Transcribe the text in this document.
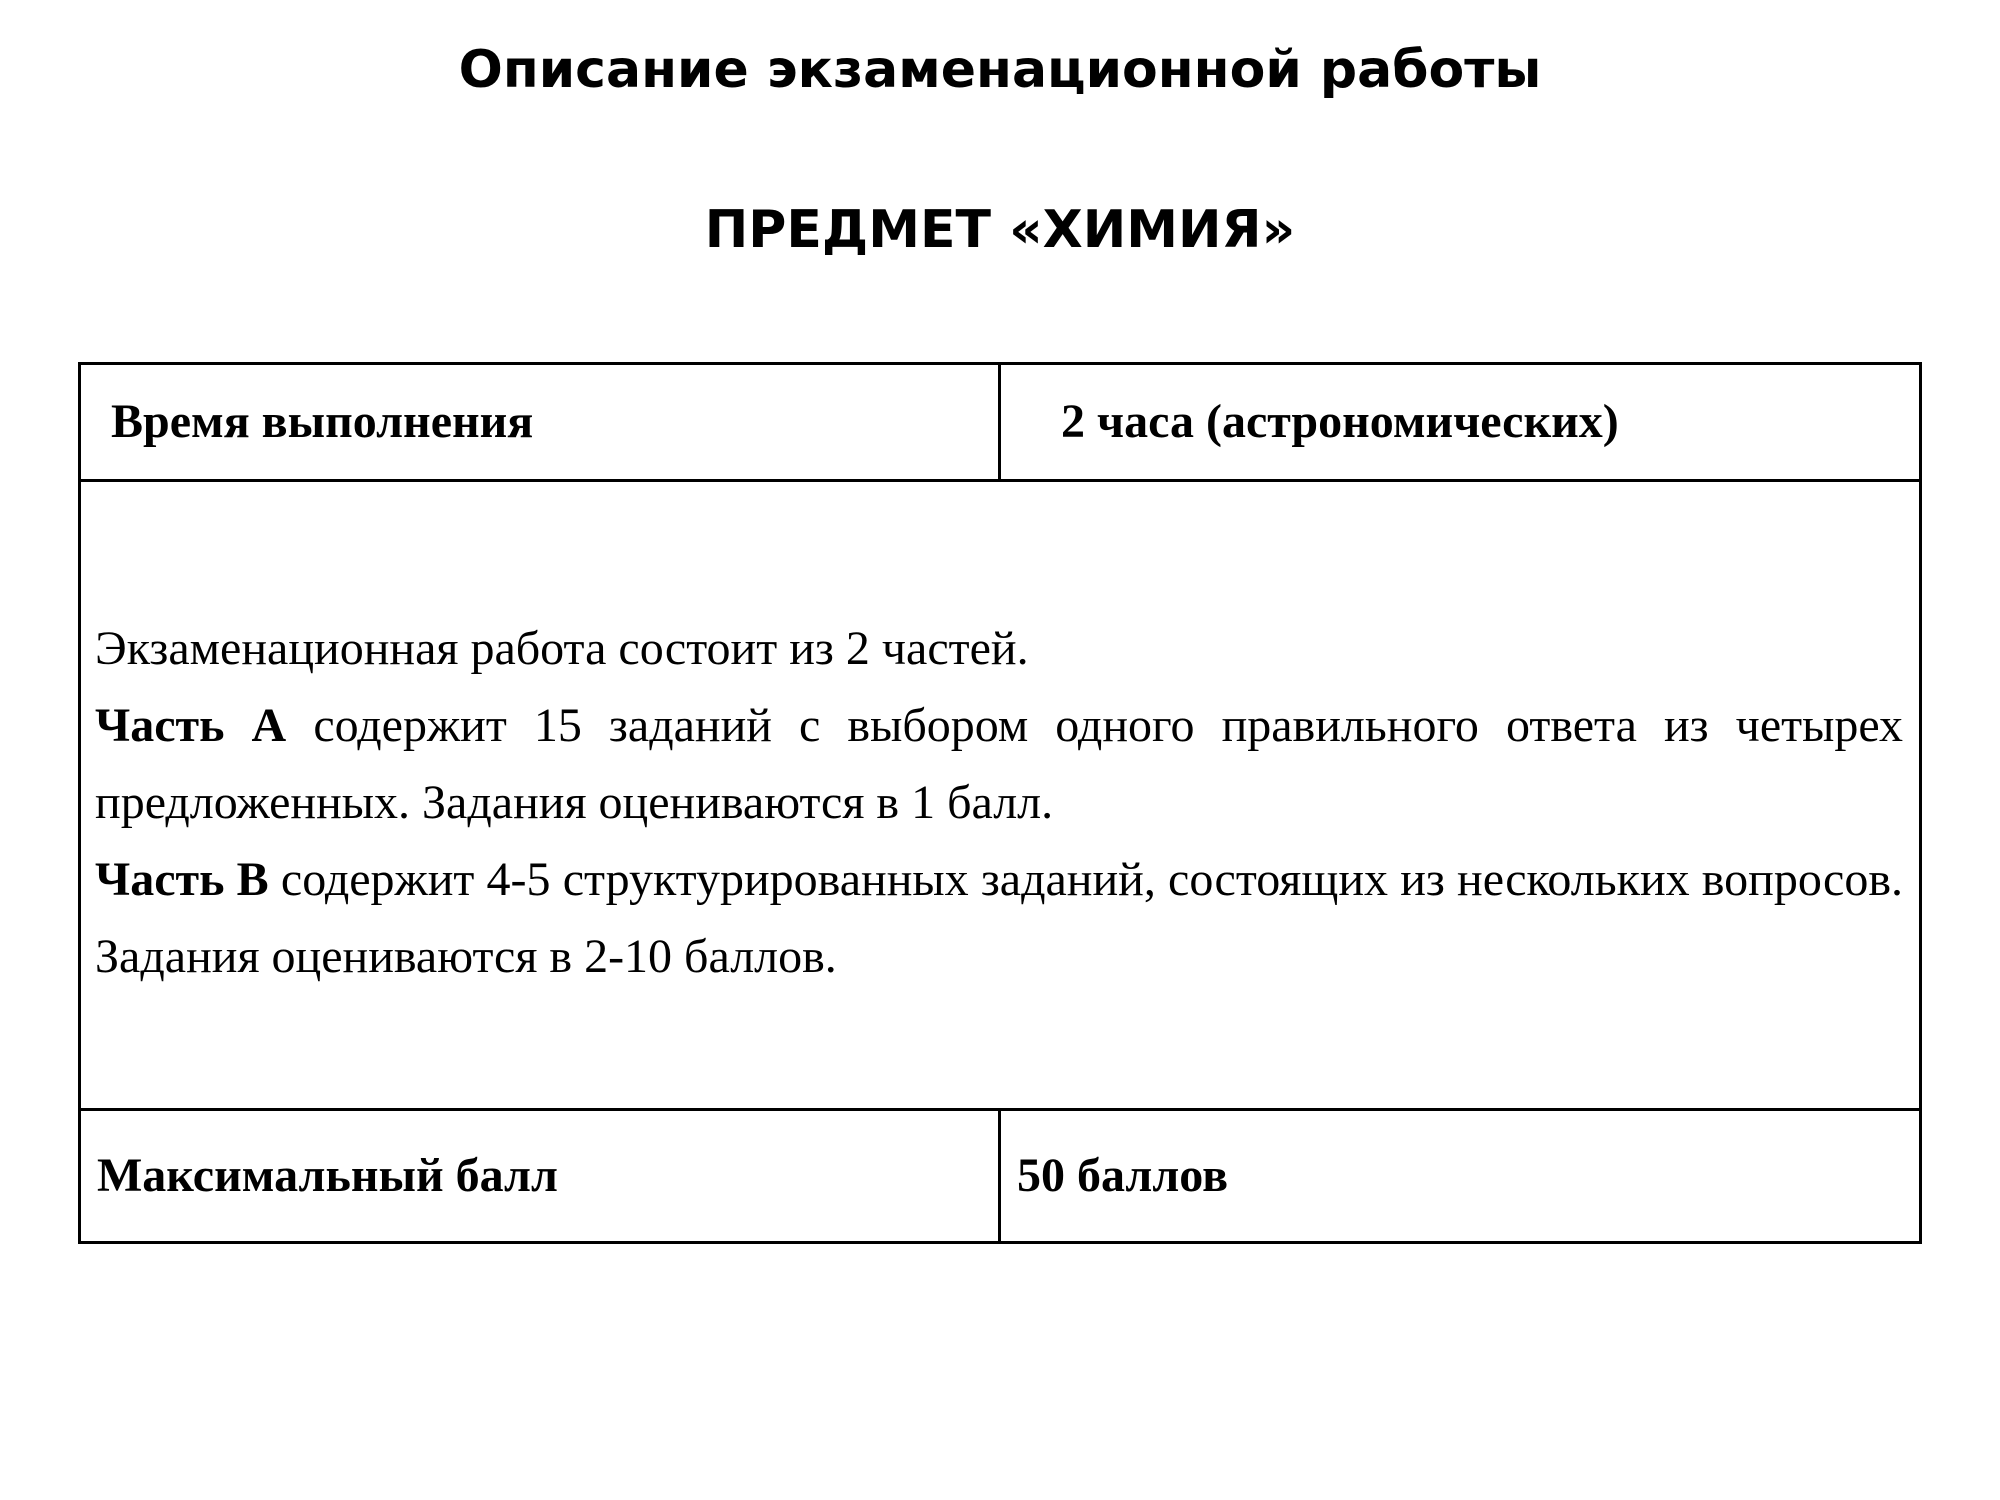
Описание экзаменационной работы
ПРЕДМЕТ «ХИМИЯ»
Время выполнения	2 часа (астрономических)

Экзаменационная работа состоит из 2 частей.

Часть А содержит 15 заданий с выбором одного правильного ответа из четырех предложенных. Задания оцениваются в 1 балл.

Часть В содержит 4-5 структурированных заданий, состоящих из нескольких вопросов. Задания оцениваются в 2-10 баллов.	

Максимальный балл	50 баллов
